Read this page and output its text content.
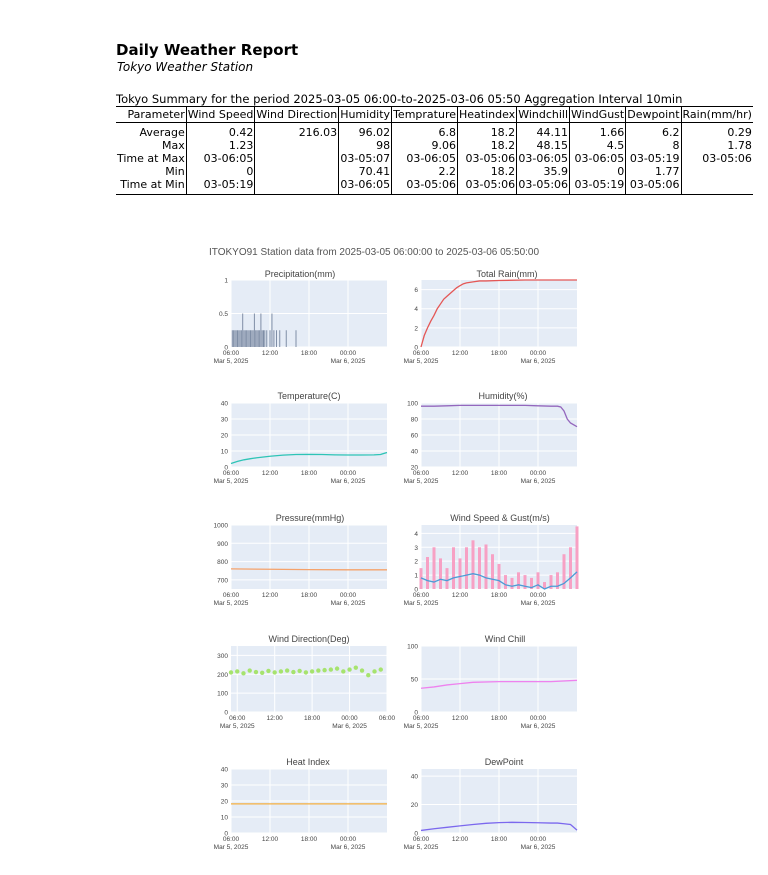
Daily Weather Report
Tokyo Weather Station
Tokyo Summary for the period 2025-03-05 06:00-to-2025-03-06 05:50 Aggregation Interval 10min
Parameter	Wind Speed	Wind Direction	Humidity	Temprature	Heatindex	Windchill	WindGust	Dewpoint	Rain(mm/hr)
Average	0.42	216.03	96.02	6.8	18.2	44.11	1.66	6.2	0.29
Max	1.23		98	9.06	18.2	48.15	4.5	8	1.78
Time at Max	03-06:05		03-05:07	03-06:05	03-05:06	03-06:05	03-06:05	03-05:19	03-05:06
Min	0		70.41	2.2	18.2	35.9	0	1.77	
Time at Min	03-05:19		03-06:05	03-05:06	03-05:06	03-05:06	03-05:19	03-05:06	
ITOKYO91 Station data from 2025-03-05 06:00:00 to 2025-03-06 05:50:00
Precipitation(mm)
06:00	12:00	18:00	00:00
Mar 5, 2025	Mar 6, 2025
0
0.5
1
Total Rain(mm)
06:00	12:00	18:00	00:00
Mar 5, 2025	Mar 6, 2025
0
2
4
6
Temperature(C)
06:00	12:00	18:00	00:00
Mar 5, 2025	Mar 6, 2025
0
10
20
30
40
Humidity(%)
06:00	12:00	18:00	00:00
Mar 5, 2025	Mar 6, 2025
20
40
60
80
100
Pressure(mmHg)
06:00	12:00	18:00	00:00
Mar 5, 2025	Mar 6, 2025
700
800
900
1000
Wind Speed & Gust(m/s)
06:00	12:00	18:00	00:00
Mar 5, 2025	Mar 6, 2025
0
1
2
3
4
Wind Direction(Deg)
06:00	12:00	18:00	00:00	06:00
Mar 5, 2025	Mar 6, 2025
0
100
200
300
Wind Chill
06:00	12:00	18:00	00:00
Mar 5, 2025	Mar 6, 2025
0
50
100
Heat Index
06:00	12:00	18:00	00:00
Mar 5, 2025	Mar 6, 2025
0
10
20
30
40
DewPoint
06:00	12:00	18:00	00:00
Mar 5, 2025	Mar 6, 2025
0
20
40
